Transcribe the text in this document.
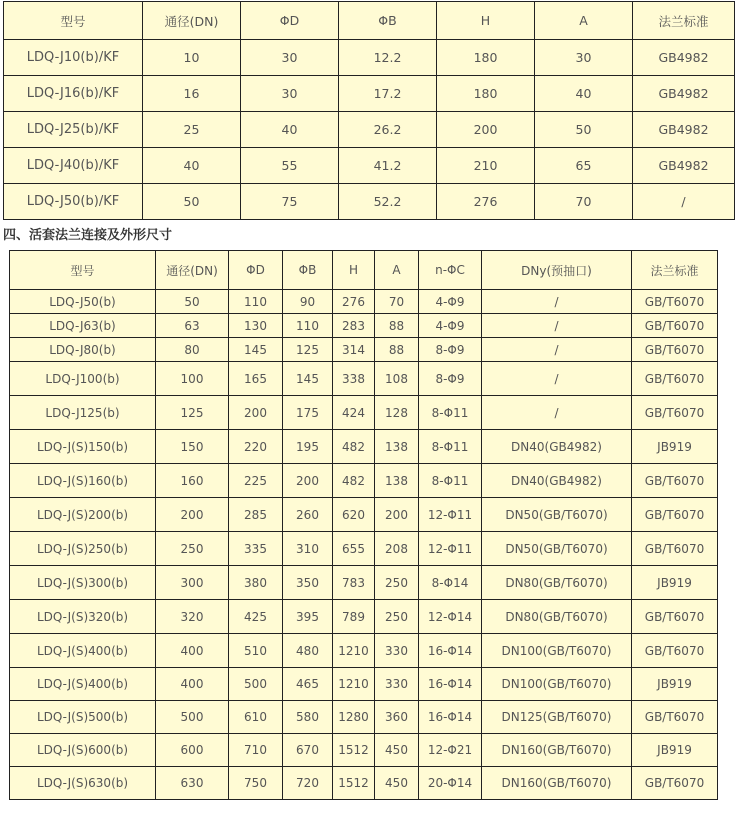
型号	通径(DN)	ΦD	ΦB	H	A	法兰标准
LDQ-J10(b)/KF	10	30	12.2	180	30	GB4982
LDQ-J16(b)/KF	16	30	17.2	180	40	GB4982
LDQ-J25(b)/KF	25	40	26.2	200	50	GB4982
LDQ-J40(b)/KF	40	55	41.2	210	65	GB4982
LDQ-J50(b)/KF	50	75	52.2	276	70	/
四、活套法兰连接及外形尺寸
型号	通径(DN)	ΦD	ΦB	H	A	n-ΦC	DNy(预抽口)	法兰标准
LDQ-J50(b)	50	110	90	276	70	4-Φ9	/	GB/T6070
LDQ-J63(b)	63	130	110	283	88	4-Φ9	/	GB/T6070
LDQ-J80(b)	80	145	125	314	88	8-Φ9	/	GB/T6070
LDQ-J100(b)	100	165	145	338	108	8-Φ9	/	GB/T6070
LDQ-J125(b)	125	200	175	424	128	8-Φ11	/	GB/T6070
LDQ-J(S)150(b)	150	220	195	482	138	8-Φ11	DN40(GB4982)	JB919
LDQ-J(S)160(b)	160	225	200	482	138	8-Φ11	DN40(GB4982)	GB/T6070
LDQ-J(S)200(b)	200	285	260	620	200	12-Φ11	DN50(GB/T6070)	GB/T6070
LDQ-J(S)250(b)	250	335	310	655	208	12-Φ11	DN50(GB/T6070)	GB/T6070
LDQ-J(S)300(b)	300	380	350	783	250	8-Φ14	DN80(GB/T6070)	JB919
LDQ-J(S)320(b)	320	425	395	789	250	12-Φ14	DN80(GB/T6070)	GB/T6070
LDQ-J(S)400(b)	400	510	480	1210	330	16-Φ14	DN100(GB/T6070)	GB/T6070
LDQ-J(S)400(b)	400	500	465	1210	330	16-Φ14	DN100(GB/T6070)	JB919
LDQ-J(S)500(b)	500	610	580	1280	360	16-Φ14	DN125(GB/T6070)	GB/T6070
LDQ-J(S)600(b)	600	710	670	1512	450	12-Φ21	DN160(GB/T6070)	JB919
LDQ-J(S)630(b)	630	750	720	1512	450	20-Φ14	DN160(GB/T6070)	GB/T6070
